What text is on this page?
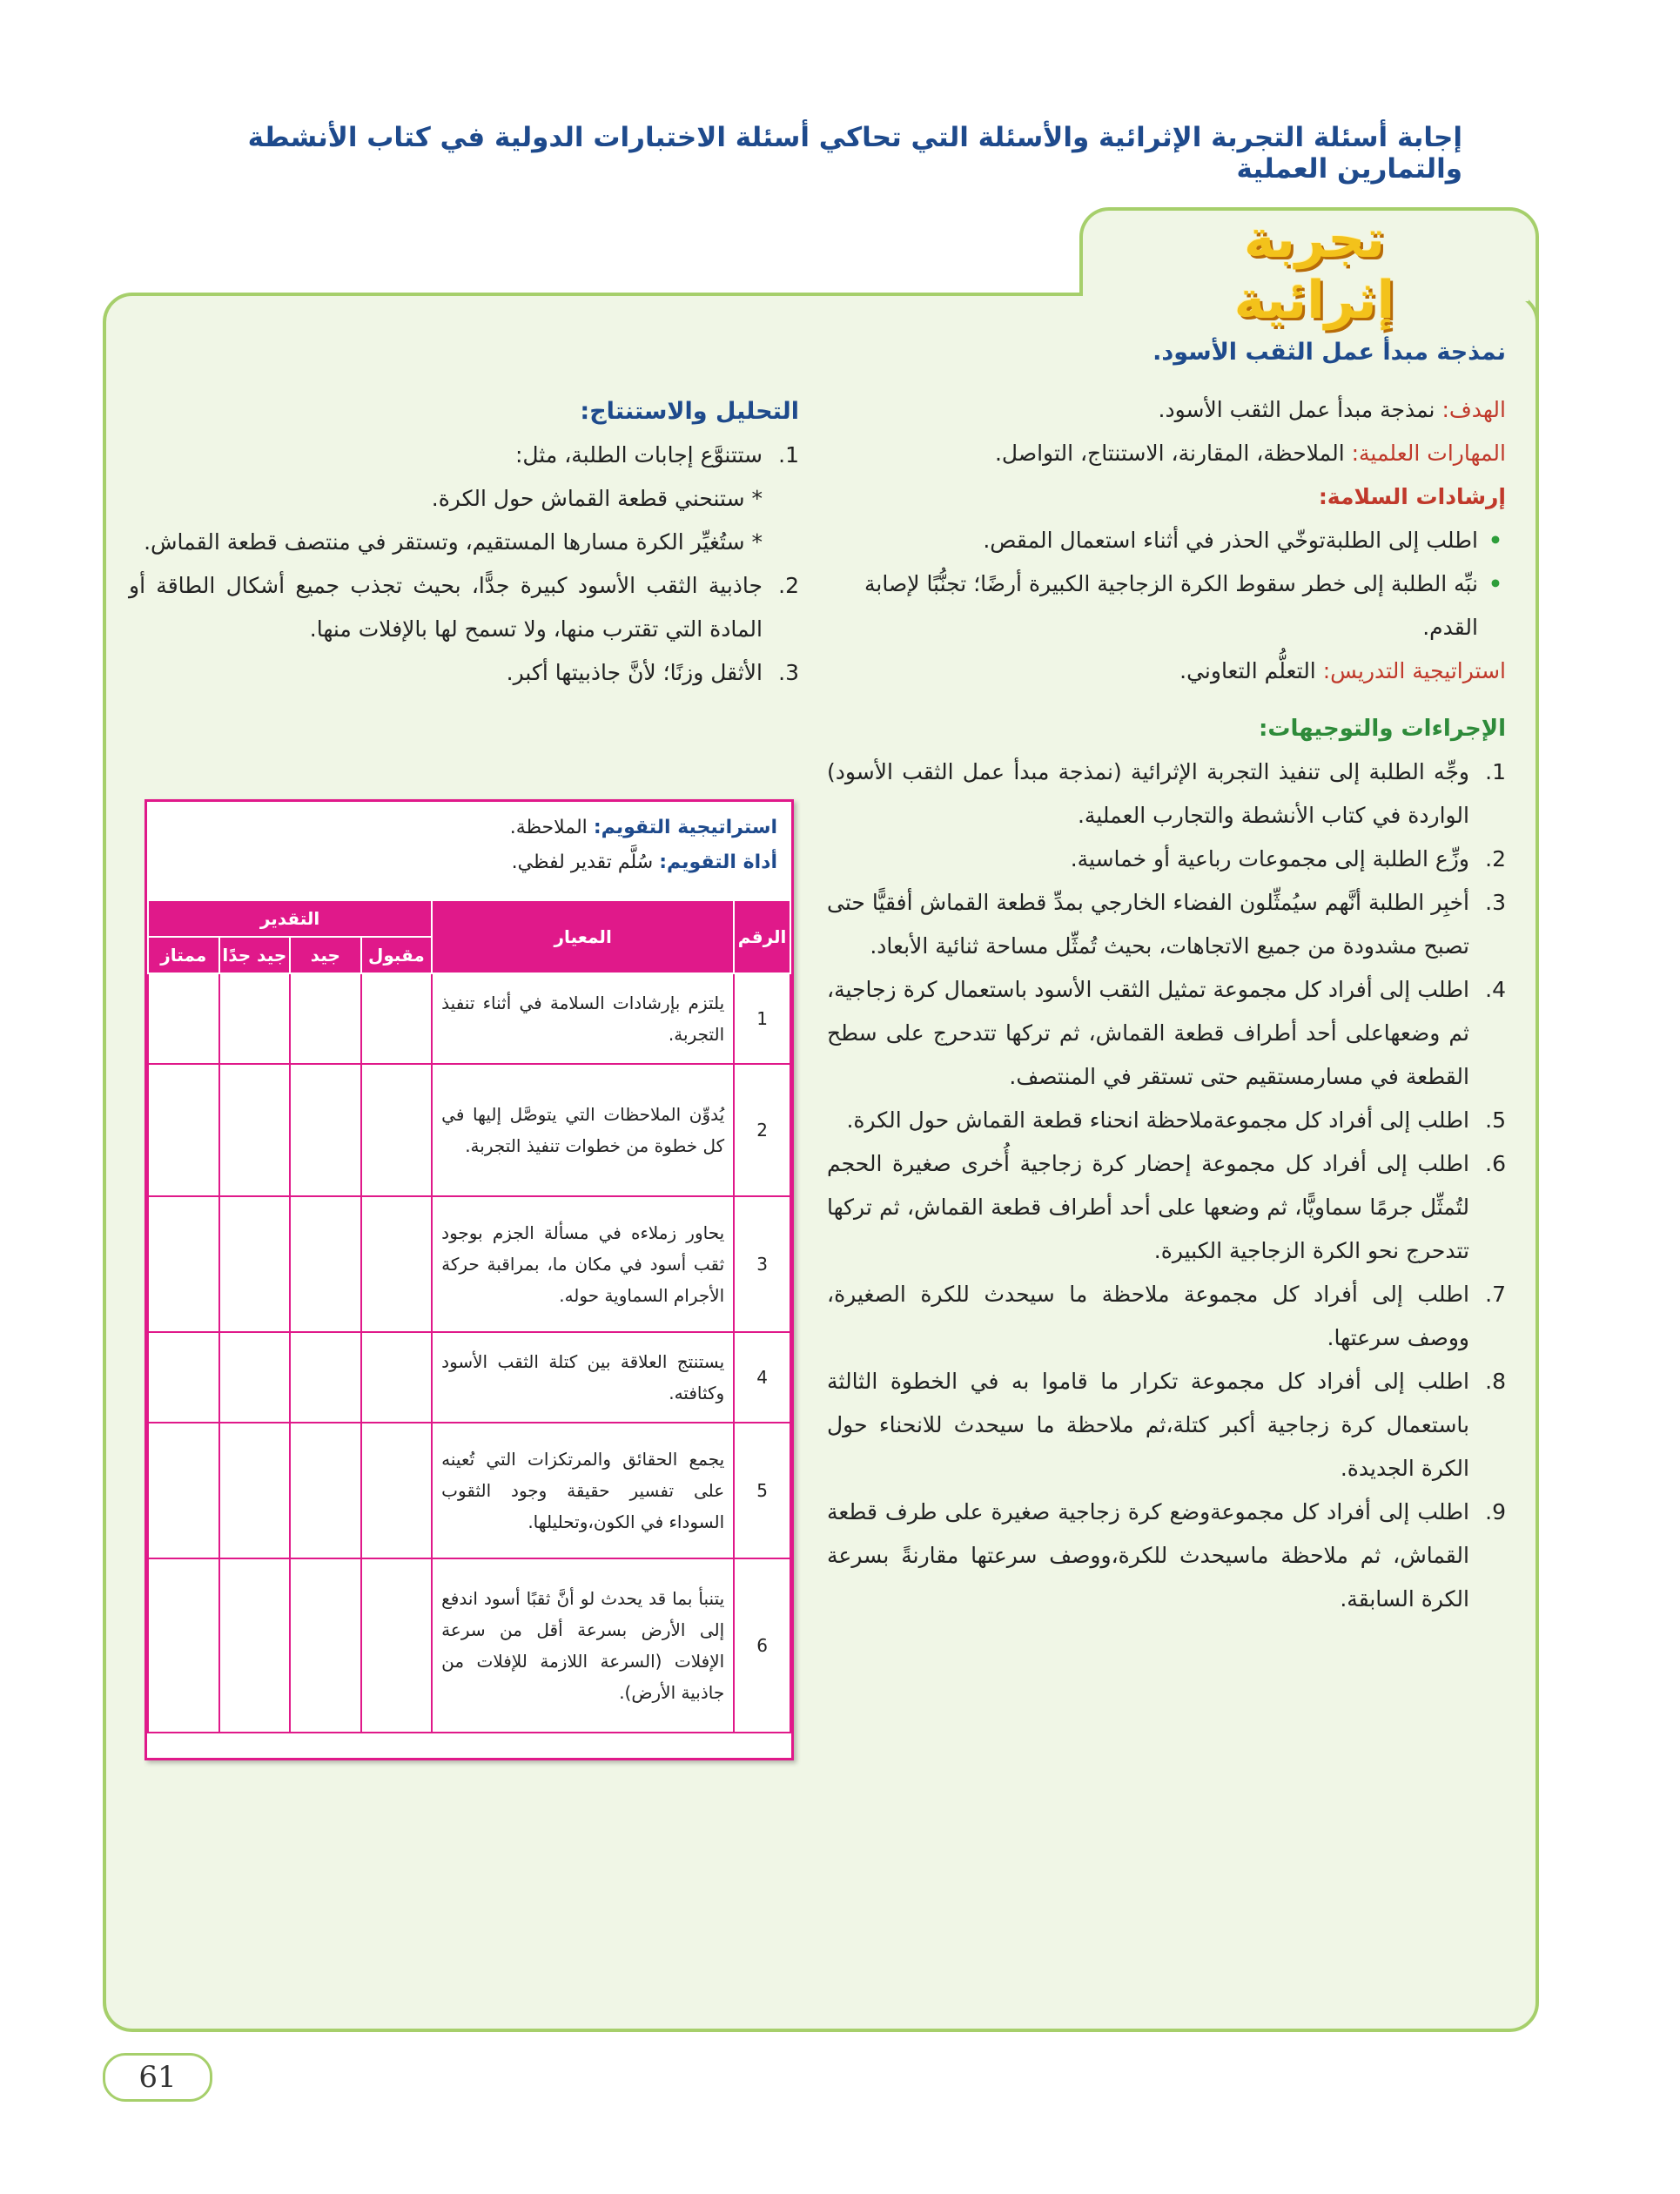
إجابة أسئلة التجربة الإثرائية والأسئلة التي تحاكي أسئلة الاختبارات الدولية في كتاب الأنشطة والتمارين العملية
تجربة إثرائية
نمذجة مبدأ عمل الثقب الأسود.
الهدف: نمذجة مبدأ عمل الثقب الأسود.
المهارات العلمية: الملاحظة، المقارنة، الاستنتاج، التواصل.
إرشادات السلامة:
•
اطلب إلى الطلبةتوخّي الحذر في أثناء استعمال المقص.
•
نبِّه الطلبة إلى خطر سقوط الكرة الزجاجية الكبيرة أرضًا؛ تجنُّبًا لإصابة القدم.
استراتيجية التدريس: التعلُّم التعاوني.
الإجراءات والتوجيهات:
1.
وجِّه الطلبة إلى تنفيذ التجربة الإثرائية (نمذجة مبدأ عمل الثقب الأسود) الواردة في كتاب الأنشطة والتجارب العملية.
2.
وزِّع الطلبة إلى مجموعات رباعية أو خماسية.
3.
أخبِر الطلبة أنَّهم سيُمثِّلون الفضاء الخارجي بمدِّ قطعة القماش أفقيًّا حتى تصبح مشدودة من جميع الاتجاهات، بحيث تُمثِّل مساحة ثنائية الأبعاد.
4.
اطلب إلى أفراد كل مجموعة تمثيل الثقب الأسود باستعمال كرة زجاجية، ثم وضعهاعلى أحد أطراف قطعة القماش، ثم تركها تتدحرج على سطح القطعة في مسارمستقيم حتى تستقر في المنتصف.
5.
اطلب إلى أفراد كل مجموعةملاحظة انحناء قطعة القماش حول الكرة.
6.
اطلب إلى أفراد كل مجموعة إحضار كرة زجاجية أُخرى صغيرة الحجم لتُمثِّل جرمًا سماويًّا، ثم وضعها على أحد أطراف قطعة القماش، ثم تركها تتدحرج نحو الكرة الزجاجية الكبيرة.
7.
اطلب إلى أفراد كل مجموعة ملاحظة ما سيحدث للكرة الصغيرة، ووصف سرعتها.
8.
اطلب إلى أفراد كل مجموعة تكرار ما قاموا به في الخطوة الثالثة باستعمال كرة زجاجية أكبر كتلة،ثم ملاحظة ما سيحدث للانحناء حول الكرة الجديدة.
9.
اطلب إلى أفراد كل مجموعةوضع كرة زجاجية صغيرة على طرف قطعة القماش، ثم ملاحظة ماسيحدث للكرة،ووصف سرعتها مقارنةً بسرعة الكرة السابقة.
التحليل والاستنتاج:
1.
ستتنوَّع إجابات الطلبة، مثل:
* ستنحني قطعة القماش حول الكرة.
* ستُغيِّر الكرة مسارها المستقيم، وتستقر في منتصف قطعة القماش.
2.
جاذبية الثقب الأسود كبيرة جدًّا، بحيث تجذب جميع أشكال الطاقة أو المادة التي تقترب منها، ولا تسمح لها بالإفلات منها.
3.
الأثقل وزنًا؛ لأنَّ جاذبيتها أكبر.
استراتيجية التقويم: الملاحظة.
أداة التقويم: سُلَّم تقدير لفظي.
الرقم	المعيار	التقدير			
		مقبول	جيد	جيد جدًا	ممتاز
1	يلتزم بإرشادات السلامة في أثناء تنفيذ التجربة.				
2	يُدوِّن الملاحظات التي يتوصَّل إليها في كل خطوة من خطوات تنفيذ التجربة.				
3	يحاور زملاءه في مسألة الجزم بوجود ثقب أسود في مكان ما، بمراقبة حركة الأجرام السماوية حوله.				
4	يستنتج العلاقة بين كتلة الثقب الأسود وكثافته.				
5	يجمع الحقائق والمرتكزات التي تُعينه على تفسير حقيقة وجود الثقوب السوداء في الكون،وتحليلها.				
6	يتنبأ بما قد يحدث لو أنَّ ثقبًا أسود اندفع إلى الأرض بسرعة أقل من سرعة الإفلات (السرعة اللازمة للإفلات من جاذبية الأرض).				
61
